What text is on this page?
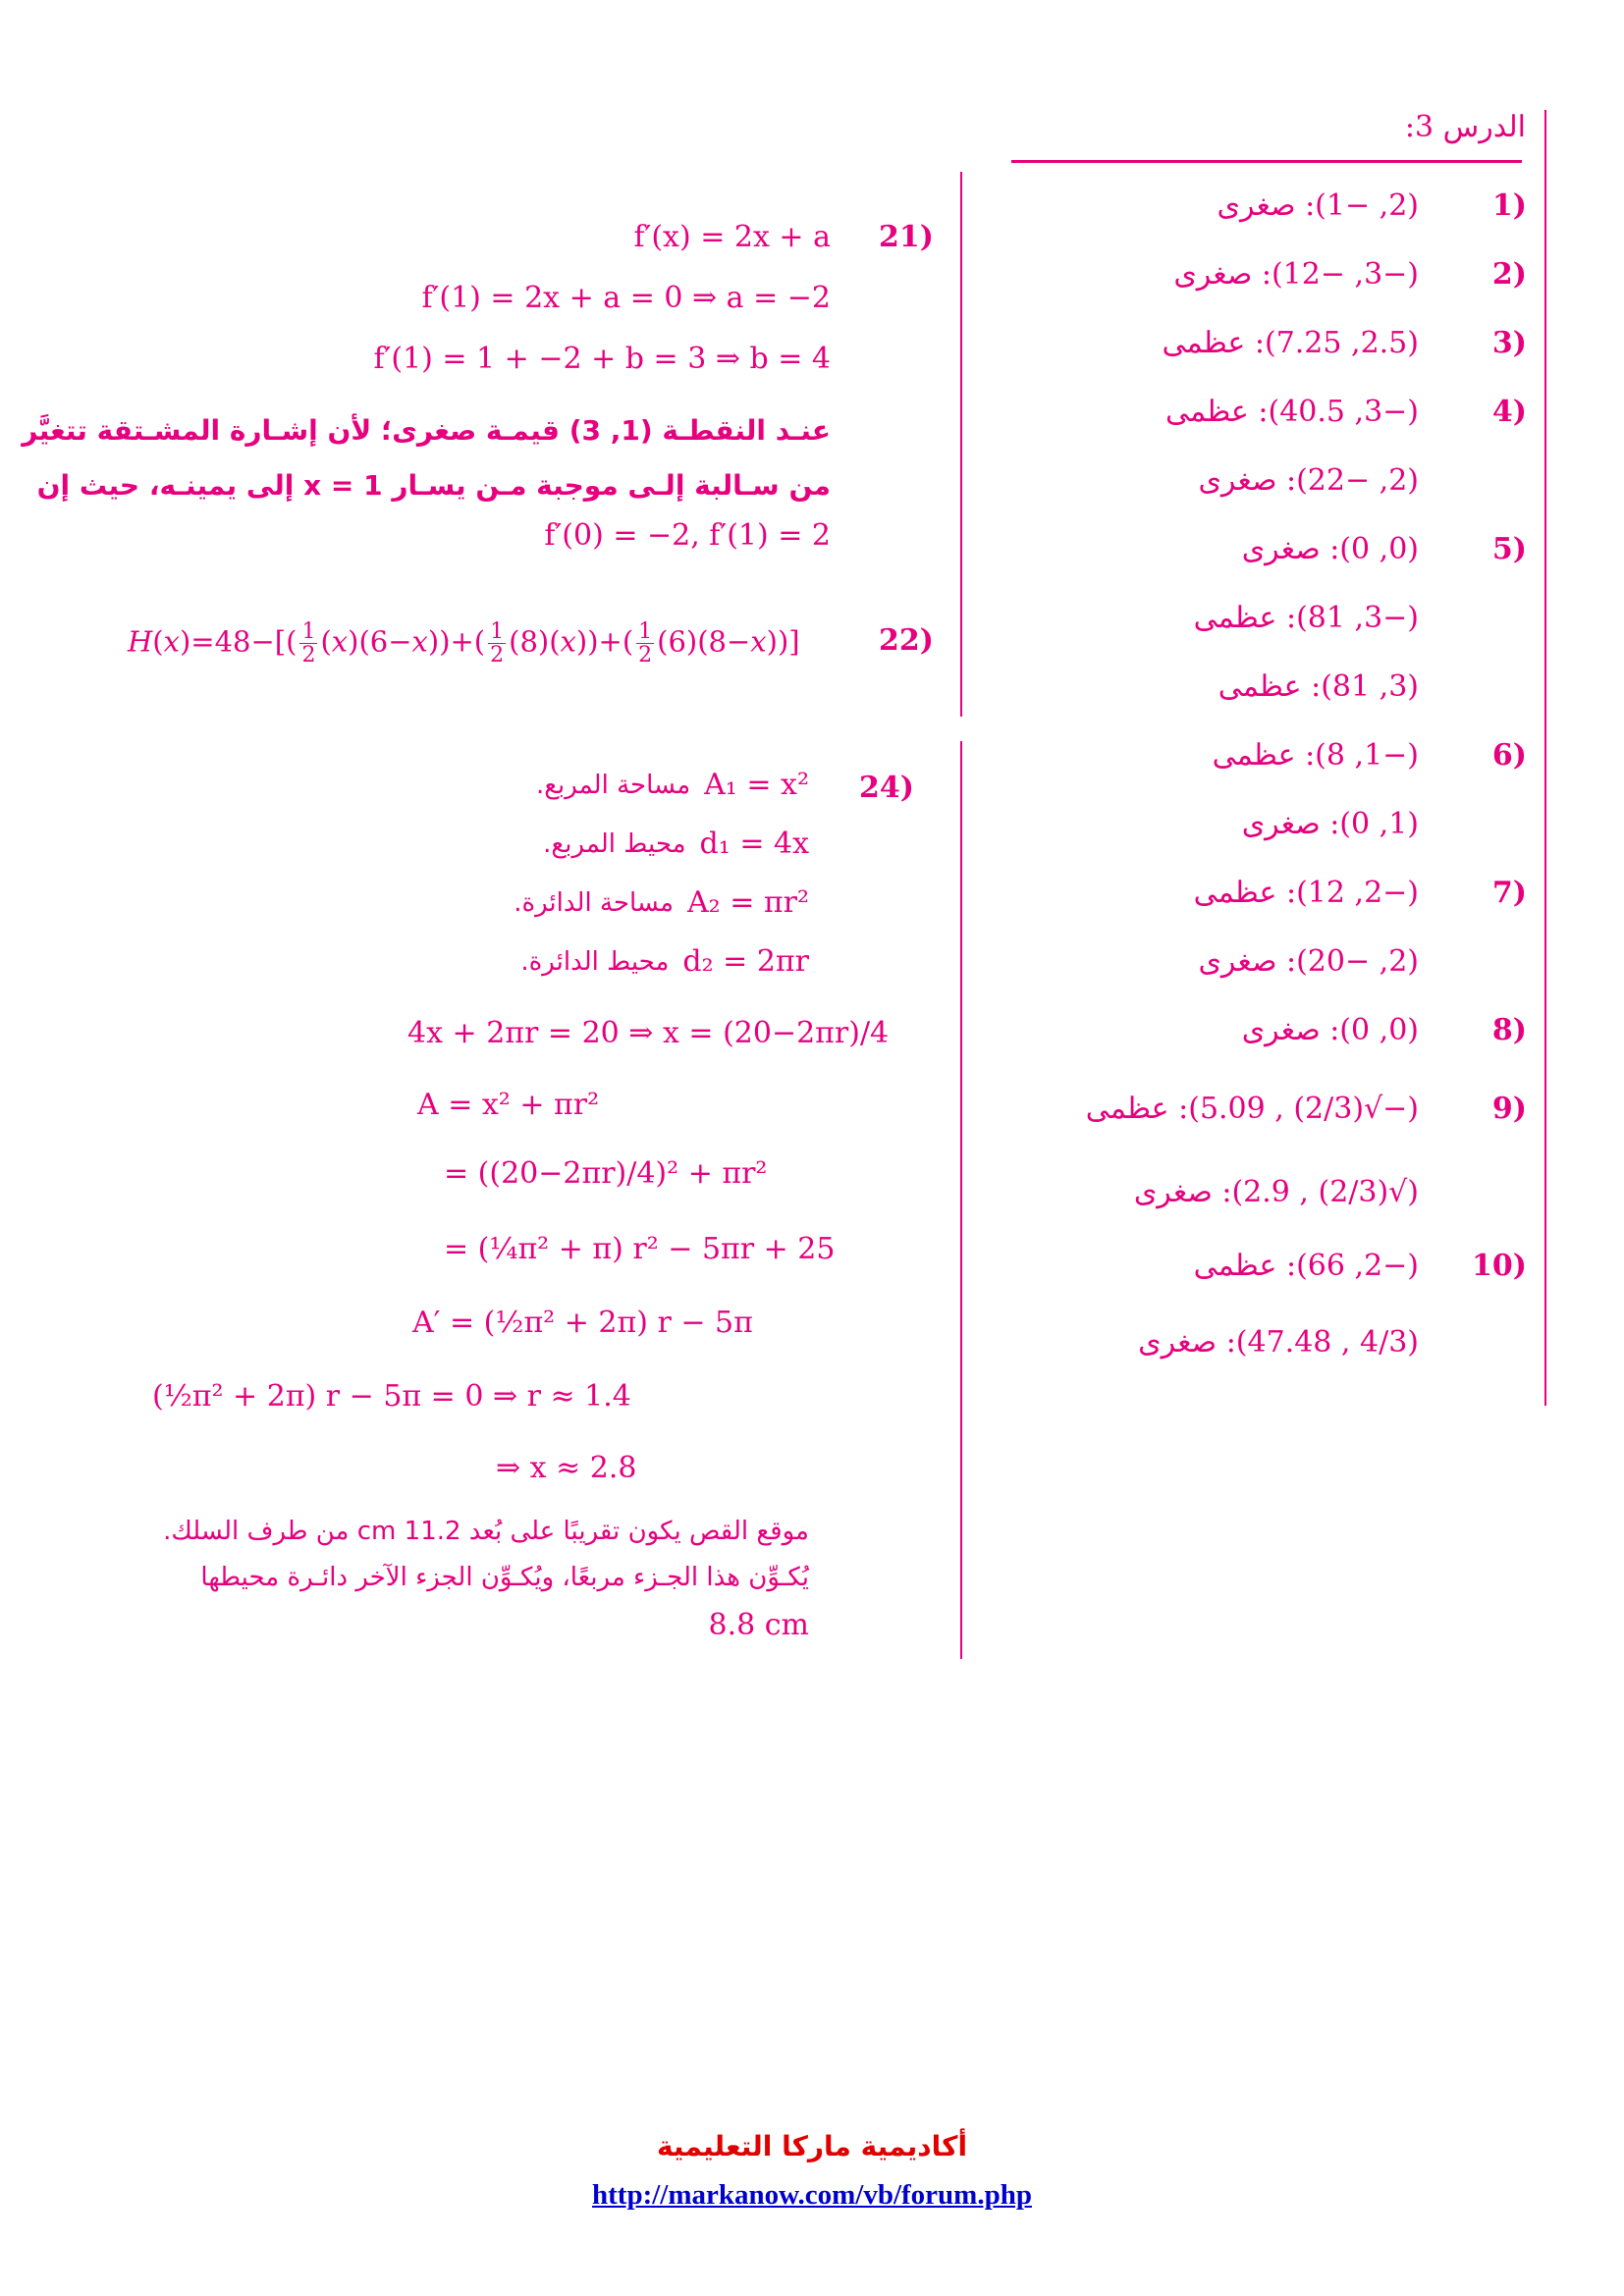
الدرس 3:
1)
(2, −1): صغرى
2)
(−3, −12): صغرى
3)
(2.5, 7.25): عظمى
4)
(−3, 40.5): عظمى
(2, −22): صغرى
5)
(0, 0): صغرى
(−3, 81): عظمى
(3, 81): عظمى
6)
(−1, 8): عظمى
(1, 0): صغرى
7)
(−2, 12): عظمى
(2, −20): صغرى
8)
(0, 0): صغرى
9)
(−√(2/3) , 5.09): عظمى
(√(2/3) , 2.9): صغرى
10)
(−2, 66): عظمى
(4/3 , 47.48): صغرى
21)
f′(x) = 2x + a
f′(1) = 2x + a = 0 ⇒ a = −2
f′(1) = 1 + −2 + b = 3 ⇒ b = 4
عنـد النقطـة (1, 3) قيمـة صغرى؛ لأن إشـارة المشـتقة تتغيَّر
من سـالبة إلـى موجبة مـن يسـار x = 1 إلى يمينـه، حيث إن
f′(0) = −2, f′(1) = 2
22)
$H(x)=48-[( \frac{1}{2} (x)(6-x))+( \frac{1}{2} (8)(x))+( \frac{1}{2} (6)(8-x))]$
24)
مساحة المربع. A₁ = x²
محيط المربع. d₁ = 4x
مساحة الدائرة. A₂ = πr²
محيط الدائرة. d₂ = 2πr
4x + 2πr = 20 ⇒ x = (20−2πr)/4
A = x² + πr²
= ((20−2πr)/4)² + πr²
= (¼π² + π) r² − 5πr + 25
A′ = (½π² + 2π) r − 5π
(½π² + 2π) r − 5π = 0 ⇒ r ≈ 1.4
⇒ x ≈ 2.8
موقع القص يكون تقريبًا على بُعد 11.2 cm من طرف السلك.
يُكـوِّن هذا الجـزء مربعًا، ويُكـوِّن الجزء الآخر دائـرة محيطها
8.8 cm
أكاديمية ماركا التعليمية
http://markanow.com/vb/forum.php
